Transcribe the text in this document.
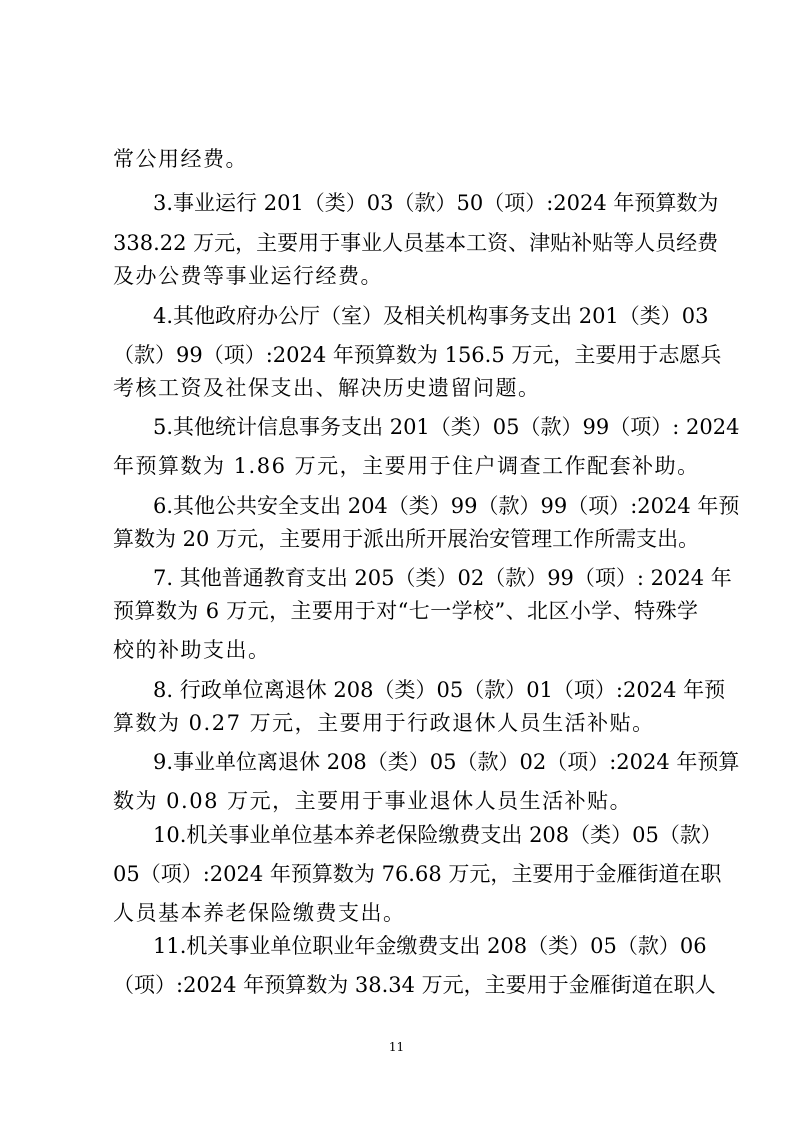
常公用经费。
3.事业运行 201（类）03（款）50（项）:2024 年预算数为
338.22 万元，主要用于事业人员基本工资、津贴补贴等人员经费
及办公费等事业运行经费。
4.其他政府办公厅（室）及相关机构事务支出 201（类）03
（款）99（项）:2024 年预算数为 156.5 万元，主要用于志愿兵
考核工资及社保支出、解决历史遗留问题。
5.其他统计信息事务支出 201（类）05（款）99（项）: 2024
年预算数为 1.86 万元，主要用于住户调查工作配套补助。
6.其他公共安全支出 204（类）99（款）99（项）:2024 年预
算数为 20 万元，主要用于派出所开展治安管理工作所需支出。
7. 其他普通教育支出 205（类）02（款）99（项）: 2024 年
预算数为 6 万元，主要用于对“七一学校”、北区小学、特殊学
校的补助支出。
8. 行政单位离退休 208（类）05（款）01（项）:2024 年预
算数为 0.27 万元，主要用于行政退休人员生活补贴。
9.事业单位离退休 208（类）05（款）02（项）:2024 年预算
数为 0.08 万元，主要用于事业退休人员生活补贴。
10.机关事业单位基本养老保险缴费支出 208（类）05（款）
05（项）:2024 年预算数为 76.68 万元，主要用于金雁街道在职
人员基本养老保险缴费支出。
11.机关事业单位职业年金缴费支出 208（类）05（款）06
（项）:2024 年预算数为 38.34 万元，主要用于金雁街道在职人
11
